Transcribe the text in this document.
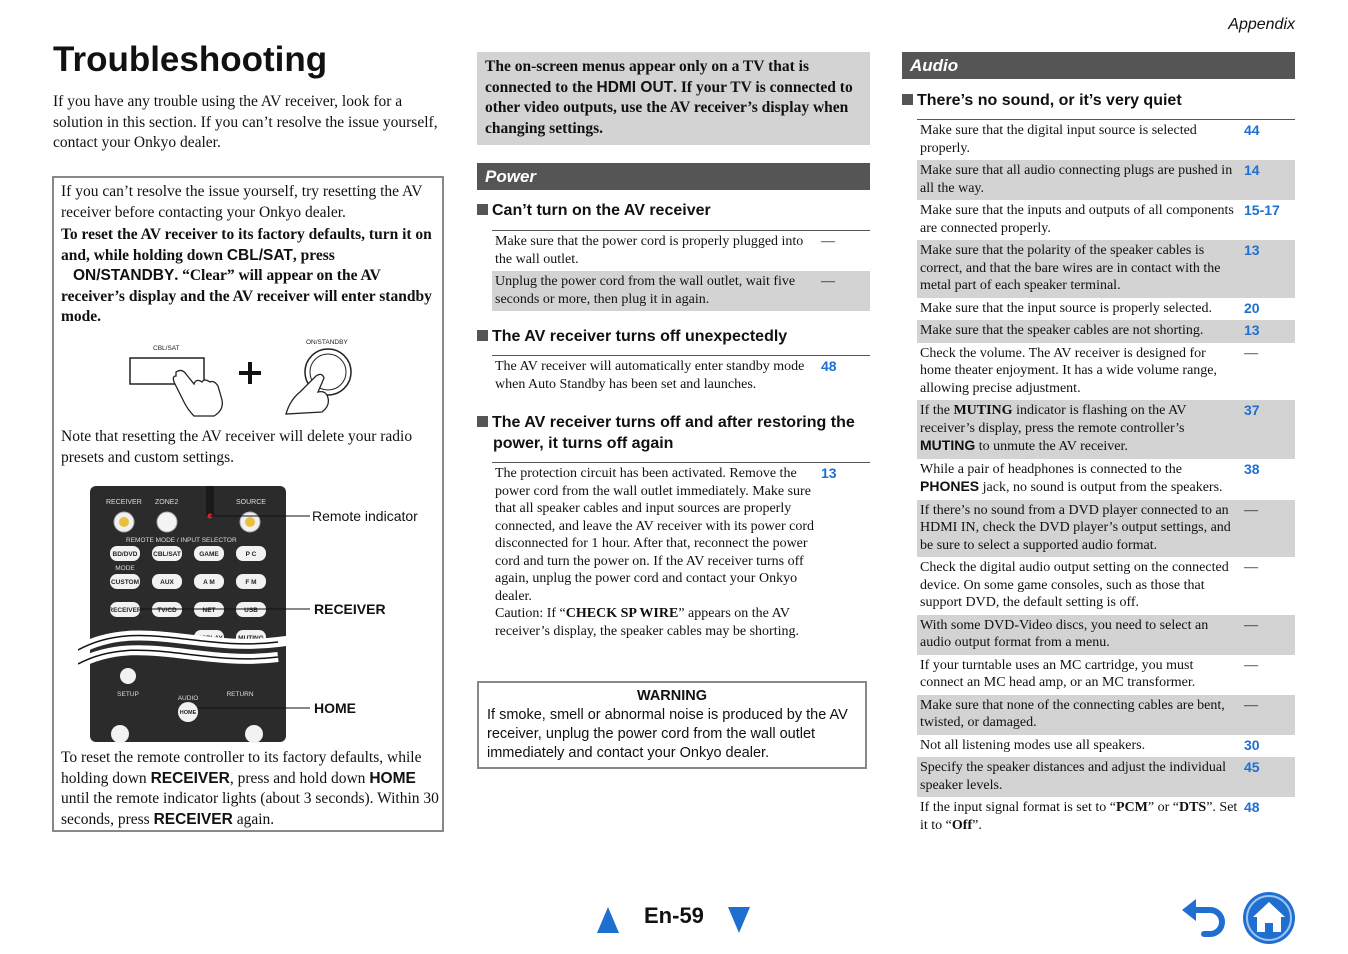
Appendix
Troubleshooting
If you have any trouble using the AV receiver, look for a solution in this section. If you can’t resolve the issue yourself, contact your Onkyo dealer.
If you can’t resolve the issue yourself, try resetting the AV receiver before contacting your Onkyo dealer.
To reset the AV receiver to its factory defaults, turn it on and, while holding down CBL/SAT, press
ON/STANDBY. “Clear” will appear on the AV receiver’s display and the AV receiver will enter standby mode.
CBL/SAT
ON/STANDBY
Note that resetting the AV receiver will delete your radio presets and custom settings.
RECEIVER ZONE2	SOURCE
REMOTE MODE / INPUT SELECTOR
BD/DVD CBL/SAT	GAME	P C
MODE
CUSTOM	AUX	A M	F M
RECEIVER TV/CD	NET	USB
DISPLAY MUTING
SETUP
AUDIO
RETURN
HOME
Remote indicator
RECEIVER
HOME
To reset the remote controller to its factory defaults, while holding down RECEIVER, press and hold down HOME until the remote indicator lights (about 3 seconds). Within 30 seconds, press RECEIVER again.
The on-screen menus appear only on a TV that is connected to the HDMI OUT. If your TV is connected to other video outputs, use the AV receiver’s display when changing settings.
Power
Can’t turn on the AV receiver
Make sure that the power cord is properly plugged into the wall outlet.	—
Unplug the power cord from the wall outlet, wait five seconds or more, then plug it in again.	—
The AV receiver turns off unexpectedly
The AV receiver will automatically enter standby mode when Auto Standby has been set and launches.	48
The AV receiver turns off and after restoring the power, it turns off again
The protection circuit has been activated. Remove the power cord from the wall outlet immediately. Make sure that all speaker cables and input sources are properly connected, and leave the AV receiver with its power cord disconnected for 1 hour. After that, reconnect the power cord and turn the power on. If the AV receiver turns off again, unplug the power cord and contact your Onkyo dealer.
Caution: If “CHECK SP WIRE” appears on the AV receiver’s display, the speaker cables may be shorting.	13
WARNING
If smoke, smell or abnormal noise is produced by the AV receiver, unplug the power cord from the wall outlet immediately and contact your Onkyo dealer.
Audio
There’s no sound, or it’s very quiet
Make sure that the digital input source is selected properly.	44
Make sure that all audio connecting plugs are pushed in all the way.	14
Make sure that the inputs and outputs of all components are connected properly.	15-17
Make sure that the polarity of the speaker cables is correct, and that the bare wires are in contact with the metal part of each speaker terminal.	13
Make sure that the input source is properly selected.	20
Make sure that the speaker cables are not shorting.	13
Check the volume. The AV receiver is designed for home theater enjoyment. It has a wide volume range, allowing precise adjustment.	—
If the MUTING indicator is flashing on the AV receiver’s display, press the remote controller’s MUTING to unmute the AV receiver.	37
While a pair of headphones is connected to the PHONES jack, no sound is output from the speakers.	38
If there’s no sound from a DVD player connected to an HDMI IN, check the DVD player’s output settings, and be sure to select a supported audio format.	—
Check the digital audio output setting on the connected device. On some game consoles, such as those that support DVD, the default setting is off.	—
With some DVD-Video discs, you need to select an audio output format from a menu.	—
If your turntable uses an MC cartridge, you must connect an MC head amp, or an MC transformer.	—
Make sure that none of the connecting cables are bent, twisted, or damaged.	—
Not all listening modes use all speakers.	30
Specify the speaker distances and adjust the individual speaker levels.	45
If the input signal format is set to “PCM” or “DTS”. Set it to “Off”.	48
En-59
